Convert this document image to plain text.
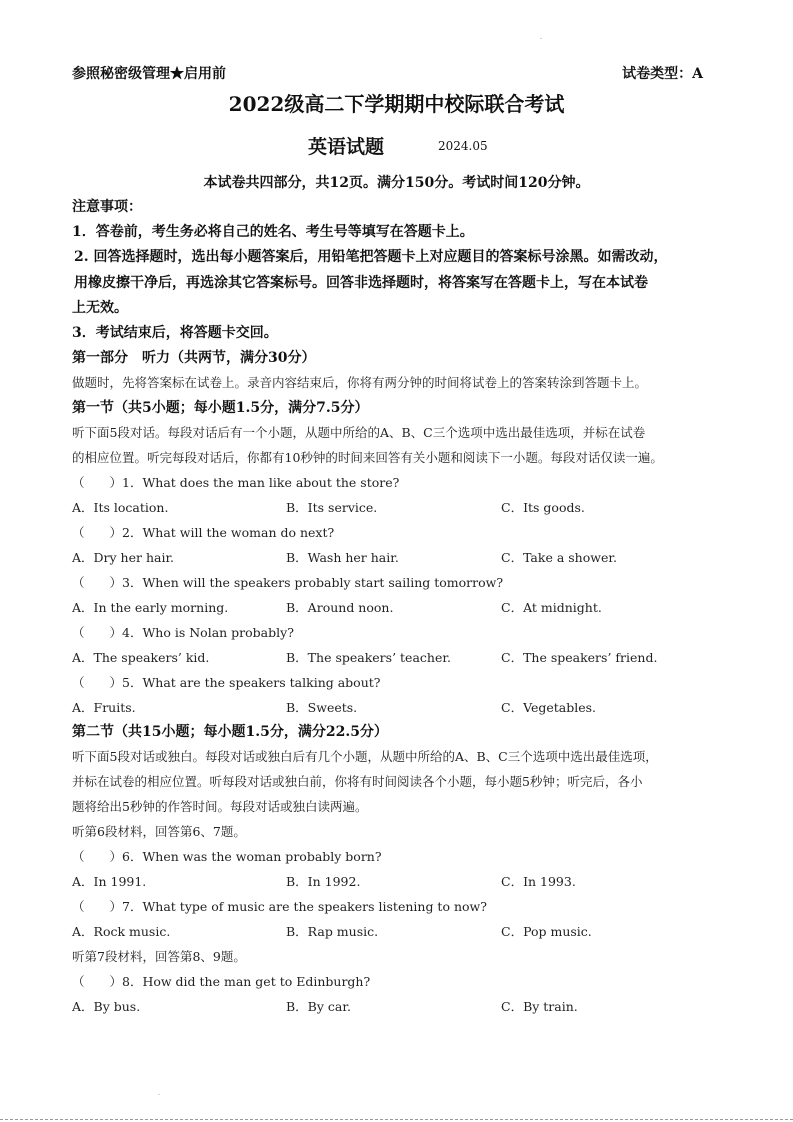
.
参照秘密级管理★启用前	试卷类型：A
2022级高二下学期期中校际联合考试
英语试题	2024.05
本试卷共四部分，共12页。满分150分。考试时间120分钟。
注意事项：
1．答卷前，考生务必将自己的姓名、考生号等填写在答题卡上。
2. 回答选择题时，选出每小题答案后，用铅笔把答题卡上对应题目的答案标号涂黑。如需改动，
用橡皮擦干净后，再选涂其它答案标号。回答非选择题时，将答案写在答题卡上，写在本试卷
上无效。
3．考试结束后，将答题卡交回。
第一部分　听力（共两节，满分30分）
做题时，先将答案标在试卷上。录音内容结束后，你将有两分钟的时间将试卷上的答案转涂到答题卡上。
第一节（共5小题；每小题1.5分，满分7.5分）
听下面5段对话。每段对话后有一个小题，从题中所给的A、B、C三个选项中选出最佳选项，并标在试卷
的相应位置。听完每段对话后，你都有10秒钟的时间来回答有关小题和阅读下一小题。每段对话仅读一遍。
（　　）1．What does the man like about the store?
A．Its location.	B．Its service.	C．Its goods.
（　　）2．What will the woman do next?
A．Dry her hair.	B．Wash her hair.	C．Take a shower.
（　　）3．When will the speakers probably start sailing tomorrow?
A．In the early morning.	B．Around noon.	C．At midnight.
（　　）4．Who is Nolan probably?
A．The speakers’ kid.	B．The speakers’ teacher.	C．The speakers’ friend.
（　　）5．What are the speakers talking about?
A．Fruits.	B．Sweets.	C．Vegetables.
第二节（共15小题；每小题1.5分，满分22.5分）
听下面5段对话或独白。每段对话或独白后有几个小题，从题中所给的A、B、C三个选项中选出最佳选项，
并标在试卷的相应位置。听每段对话或独白前，你将有时间阅读各个小题，每小题5秒钟；听完后，各小
题将给出5秒钟的作答时间。每段对话或独白读两遍。
听第6段材料，回答第6、7题。
（　　）6．When was the woman probably born?
A．In 1991.	B．In 1992.	C．In 1993.
（　　）7．What type of music are the speakers listening to now?
A．Rock music.	B．Rap music.	C．Pop music.
听第7段材料，回答第8、9题。
（　　）8．How did the man get to Edinburgh?
A．By bus.	B．By car.	C．By train.
.
